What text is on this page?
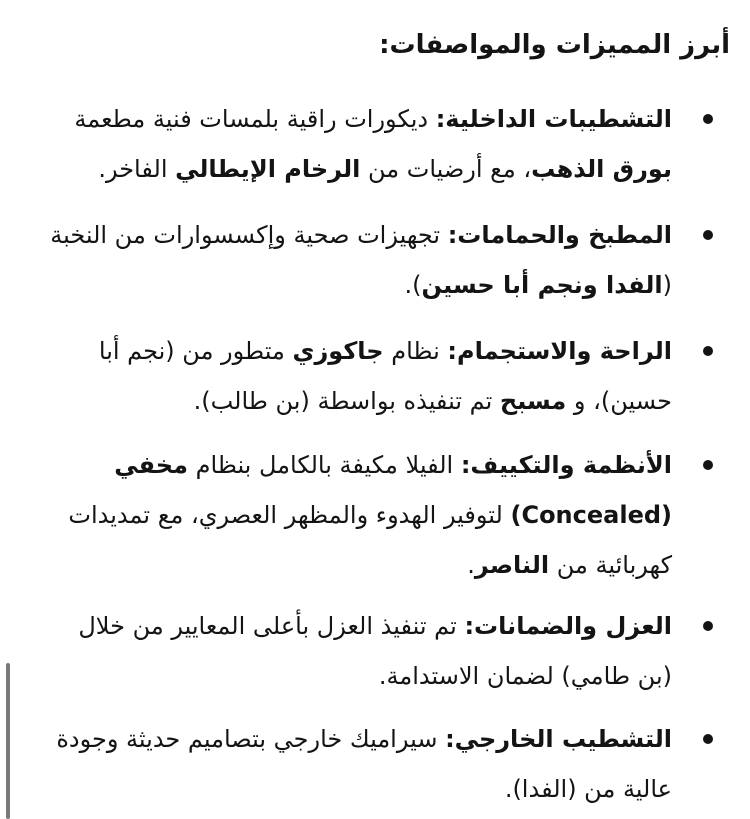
أبرز المميزات والمواصفات:
التشطيبات الداخلية: ديكورات راقية بلمسات فنية مطعمة بورق الذهب، مع أرضيات من الرخام الإيطالي الفاخر.
المطبخ والحمامات: تجهيزات صحية وإكسسوارات من النخبة (الفدا ونجم أبا حسين).
الراحة والاستجمام: نظام جاكوزي متطور من (نجم أبا حسين)، و مسبح تم تنفيذه بواسطة (بن طالب).
الأنظمة والتكييف: الفيلا مكيفة بالكامل بنظام مخفي (Concealed) لتوفير الهدوء والمظهر العصري، مع تمديدات كهربائية من الناصر.
العزل والضمانات: تم تنفيذ العزل بأعلى المعايير من خلال (بن طامي) لضمان الاستدامة.
التشطيب الخارجي: سيراميك خارجي بتصاميم حديثة وجودة عالية من (الفدا).
